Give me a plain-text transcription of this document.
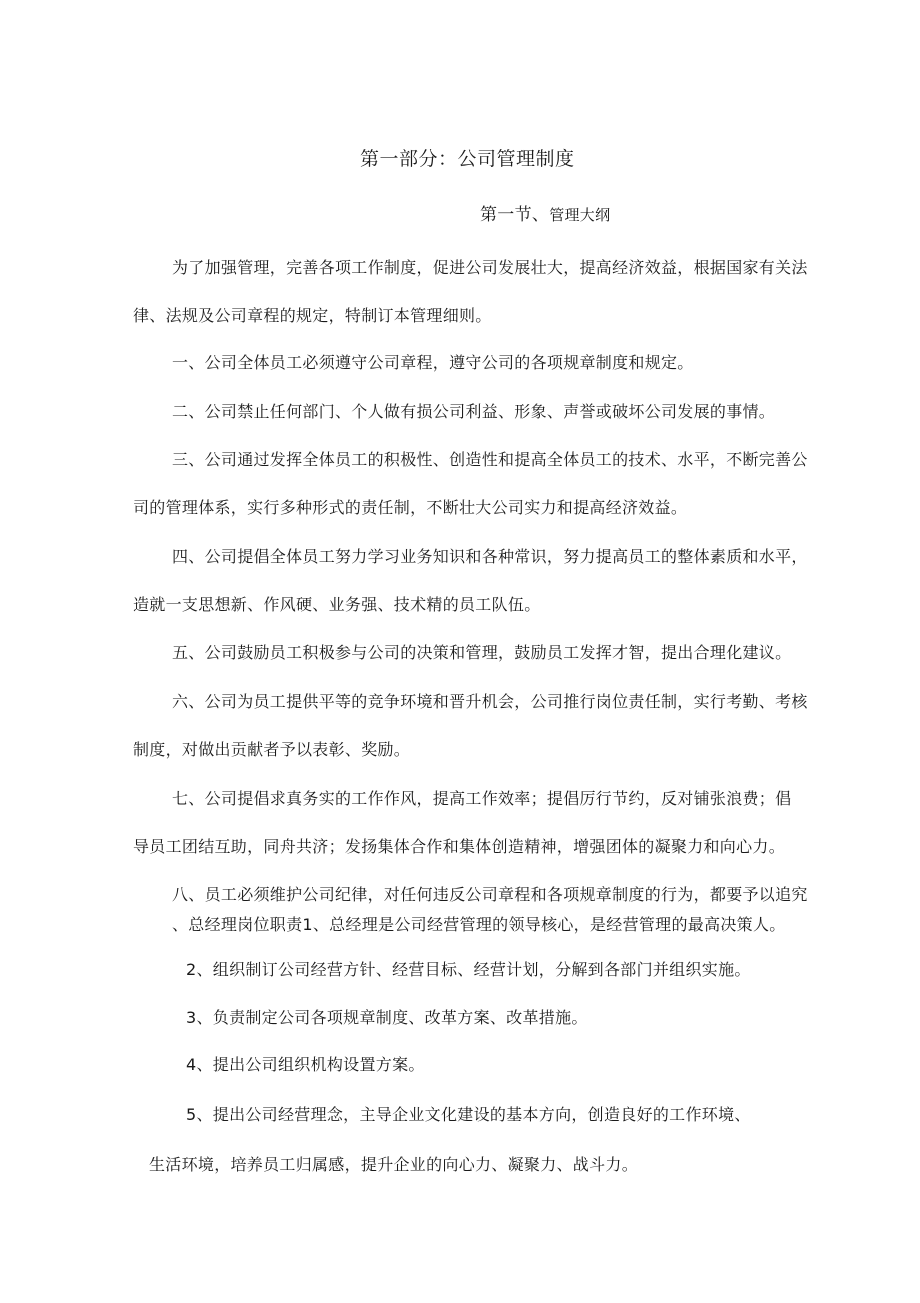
第一部分：公司管理制度
第一节、管理大纲
为了加强管理，完善各项工作制度，促进公司发展壮大，提高经济效益，根据国家有关法
律、法规及公司章程的规定，特制订本管理细则。
一、公司全体员工必须遵守公司章程，遵守公司的各项规章制度和规定。
二、公司禁止任何部门、个人做有损公司利益、形象、声誉或破坏公司发展的事情。
三、公司通过发挥全体员工的积极性、创造性和提高全体员工的技术、水平，不断完善公
司的管理体系，实行多种形式的责任制，不断壮大公司实力和提高经济效益。
四、公司提倡全体员工努力学习业务知识和各种常识，努力提高员工的整体素质和水平，
造就一支思想新、作风硬、业务强、技术精的员工队伍。
五、公司鼓励员工积极参与公司的决策和管理，鼓励员工发挥才智，提出合理化建议。
六、公司为员工提供平等的竞争环境和晋升机会，公司推行岗位责任制，实行考勤、考核
制度，对做出贡献者予以表彰、奖励。
七、公司提倡求真务实的工作作风，提高工作效率；提倡厉行节约，反对铺张浪费；倡
导员工团结互助，同舟共济；发扬集体合作和集体创造精神，增强团体的凝聚力和向心力。
八、员工必须维护公司纪律，对任何违反公司章程和各项规章制度的行为，都要予以追究
、总经理岗位职责1、总经理是公司经营管理的领导核心，是经营管理的最高决策人。
2、组织制订公司经营方针、经营目标、经营计划，分解到各部门并组织实施。
3、负责制定公司各项规章制度、改革方案、改革措施。
4、提出公司组织机构设置方案。
5、提出公司经营理念，主导企业文化建设的基本方向，创造良好的工作环境、
生活环境，培养员工归属感，提升企业的向心力、凝聚力、战斗力。
